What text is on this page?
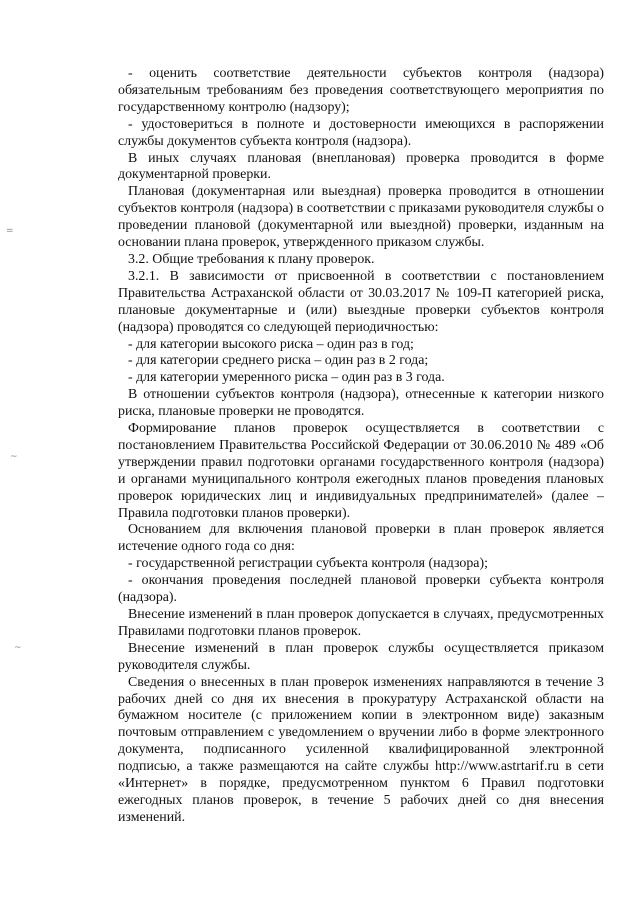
=
~
~

- оценить соответствие деятельности субъектов контроля (надзора) обязательным требованиям без проведения соответствующего мероприятия по государственному контролю (надзору);

- удостовериться в полноте и достоверности имеющихся в распоряжении службы документов субъекта контроля (надзора).

В иных случаях плановая (внеплановая) проверка проводится в форме документарной проверки.

Плановая (документарная или выездная) проверка проводится в отношении субъектов контроля (надзора) в соответствии с приказами руководителя службы о проведении плановой (документарной или выездной) проверки, изданным на основании плана проверок, утвержденного приказом службы.

3.2. Общие требования к плану проверок.

3.2.1. В зависимости от присвоенной в соответствии с постановлением Правительства Астраханской области от 30.03.2017 № 109-П категорией риска, плановые документарные и (или) выездные проверки субъектов контроля (надзора) проводятся со следующей периодичностью:

- для категории высокого риска – один раз в год;

- для категории среднего риска – один раз в 2 года;

- для категории умеренного риска – один раз в 3 года.

В отношении субъектов контроля (надзора), отнесенные к категории низкого риска, плановые проверки не проводятся.

Формирование планов проверок осуществляется в соответствии с постановлением Правительства Российской Федерации от 30.06.2010 № 489 «Об утверждении правил подготовки органами государственного контроля (надзора) и органами муниципального контроля ежегодных планов проведения плановых проверок юридических лиц и индивидуальных предпринимателей» (далее – Правила подготовки планов проверки).

Основанием для включения плановой проверки в план проверок является истечение одного года со дня:

- государственной регистрации субъекта контроля (надзора);

- окончания проведения последней плановой проверки субъекта контроля (надзора).

Внесение изменений в план проверок допускается в случаях, предусмотренных Правилами подготовки планов проверок.

Внесение изменений в план проверок службы осуществляется приказом руководителя службы.

Сведения о внесенных в план проверок изменениях направляются в течение 3 рабочих дней со дня их внесения в прокуратуру Астраханской области на бумажном носителе (с приложением копии в электронном виде) заказным почтовым отправлением с уведомлением о вручении либо в форме электронного документа, подписанного усиленной квалифицированной электронной подписью, а также размещаются на сайте службы http://www.astrtarif.ru в сети «Интернет» в порядке, предусмотренном пунктом 6 Правил подготовки ежегодных планов проверок, в течение 5 рабочих дней со дня внесения изменений.
